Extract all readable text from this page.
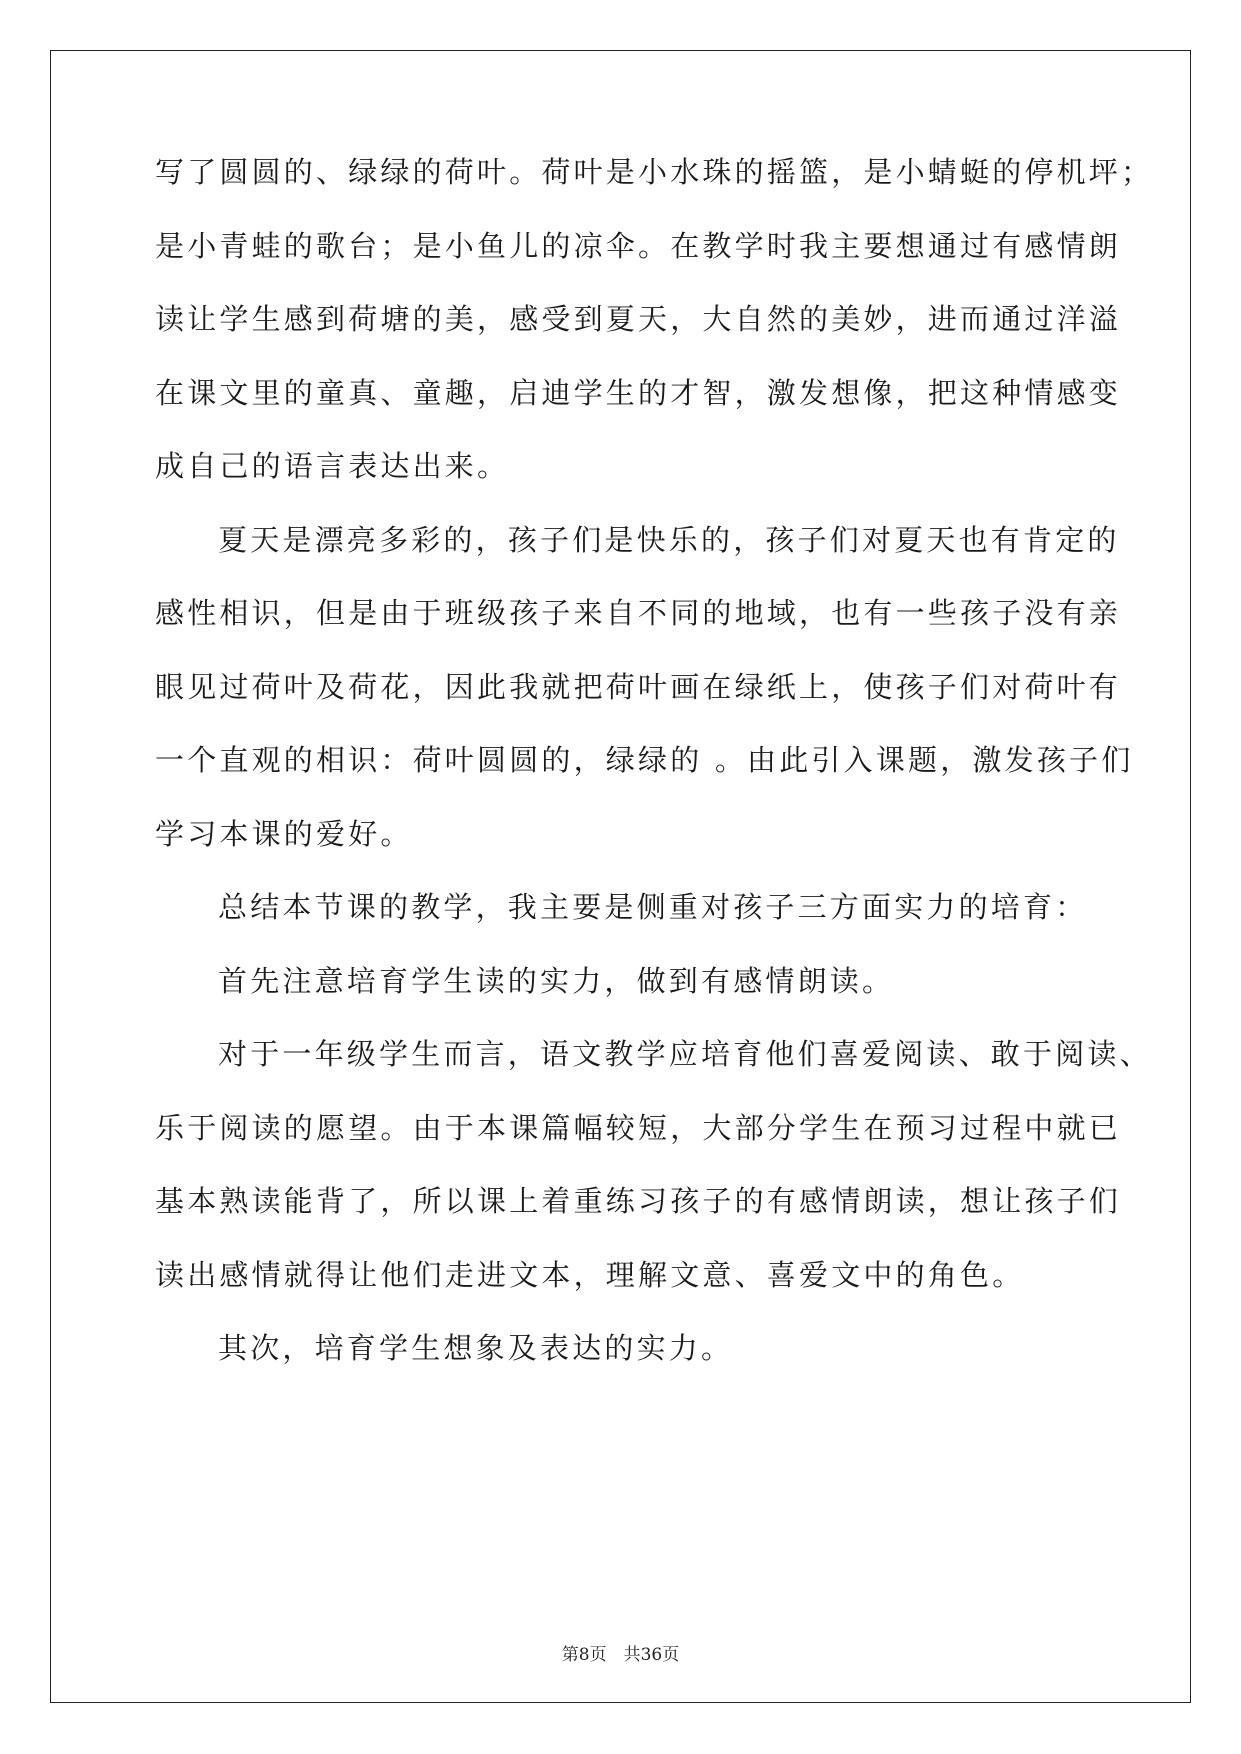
写了圆圆的、绿绿的荷叶。荷叶是小水珠的摇篮，是小蜻蜓的停机坪；
是小青蛙的歌台；是小鱼儿的凉伞。在教学时我主要想通过有感情朗
读让学生感到荷塘的美，感受到夏天，大自然的美妙，进而通过洋溢
在课文里的童真、童趣，启迪学生的才智，激发想像，把这种情感变
成自己的语言表达出来。
夏天是漂亮多彩的，孩子们是快乐的，孩子们对夏天也有肯定的
感性相识，但是由于班级孩子来自不同的地域，也有一些孩子没有亲
眼见过荷叶及荷花，因此我就把荷叶画在绿纸上，使孩子们对荷叶有
一个直观的相识：荷叶圆圆的，绿绿的 。由此引入课题，激发孩子们
学习本课的爱好。
总结本节课的教学，我主要是侧重对孩子三方面实力的培育：
首先注意培育学生读的实力，做到有感情朗读。
对于一年级学生而言，语文教学应培育他们喜爱阅读、敢于阅读、
乐于阅读的愿望。由于本课篇幅较短，大部分学生在预习过程中就已
基本熟读能背了，所以课上着重练习孩子的有感情朗读，想让孩子们
读出感情就得让他们走进文本，理解文意、喜爱文中的角色。
其次，培育学生想象及表达的实力。
第8页　共36页
